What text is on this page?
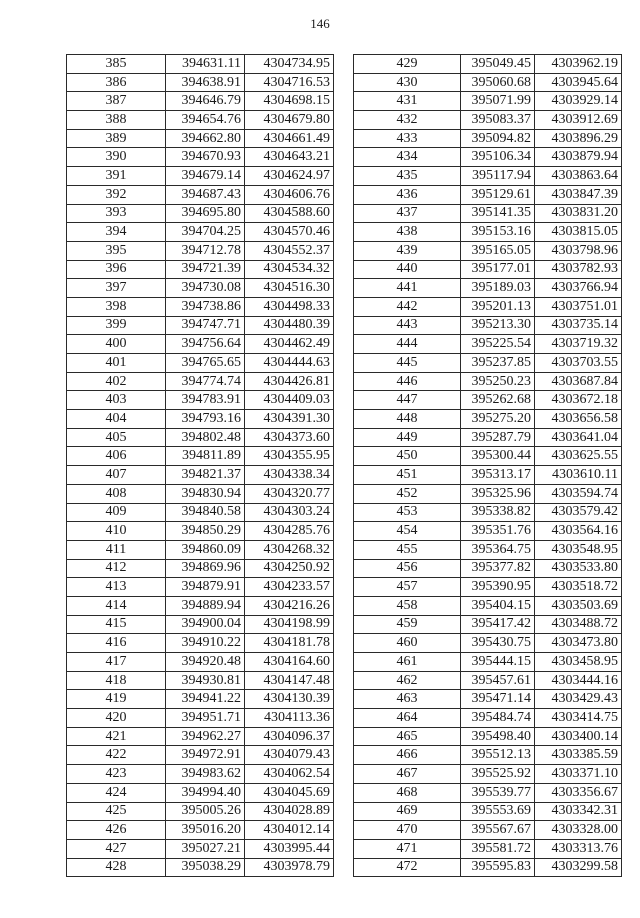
146
385	394631.11	4304734.95
386	394638.91	4304716.53
387	394646.79	4304698.15
388	394654.76	4304679.80
389	394662.80	4304661.49
390	394670.93	4304643.21
391	394679.14	4304624.97
392	394687.43	4304606.76
393	394695.80	4304588.60
394	394704.25	4304570.46
395	394712.78	4304552.37
396	394721.39	4304534.32
397	394730.08	4304516.30
398	394738.86	4304498.33
399	394747.71	4304480.39
400	394756.64	4304462.49
401	394765.65	4304444.63
402	394774.74	4304426.81
403	394783.91	4304409.03
404	394793.16	4304391.30
405	394802.48	4304373.60
406	394811.89	4304355.95
407	394821.37	4304338.34
408	394830.94	4304320.77
409	394840.58	4304303.24
410	394850.29	4304285.76
411	394860.09	4304268.32
412	394869.96	4304250.92
413	394879.91	4304233.57
414	394889.94	4304216.26
415	394900.04	4304198.99
416	394910.22	4304181.78
417	394920.48	4304164.60
418	394930.81	4304147.48
419	394941.22	4304130.39
420	394951.71	4304113.36
421	394962.27	4304096.37
422	394972.91	4304079.43
423	394983.62	4304062.54
424	394994.40	4304045.69
425	395005.26	4304028.89
426	395016.20	4304012.14
427	395027.21	4303995.44
428	395038.29	4303978.79
429	395049.45	4303962.19
430	395060.68	4303945.64
431	395071.99	4303929.14
432	395083.37	4303912.69
433	395094.82	4303896.29
434	395106.34	4303879.94
435	395117.94	4303863.64
436	395129.61	4303847.39
437	395141.35	4303831.20
438	395153.16	4303815.05
439	395165.05	4303798.96
440	395177.01	4303782.93
441	395189.03	4303766.94
442	395201.13	4303751.01
443	395213.30	4303735.14
444	395225.54	4303719.32
445	395237.85	4303703.55
446	395250.23	4303687.84
447	395262.68	4303672.18
448	395275.20	4303656.58
449	395287.79	4303641.04
450	395300.44	4303625.55
451	395313.17	4303610.11
452	395325.96	4303594.74
453	395338.82	4303579.42
454	395351.76	4303564.16
455	395364.75	4303548.95
456	395377.82	4303533.80
457	395390.95	4303518.72
458	395404.15	4303503.69
459	395417.42	4303488.72
460	395430.75	4303473.80
461	395444.15	4303458.95
462	395457.61	4303444.16
463	395471.14	4303429.43
464	395484.74	4303414.75
465	395498.40	4303400.14
466	395512.13	4303385.59
467	395525.92	4303371.10
468	395539.77	4303356.67
469	395553.69	4303342.31
470	395567.67	4303328.00
471	395581.72	4303313.76
472	395595.83	4303299.58
